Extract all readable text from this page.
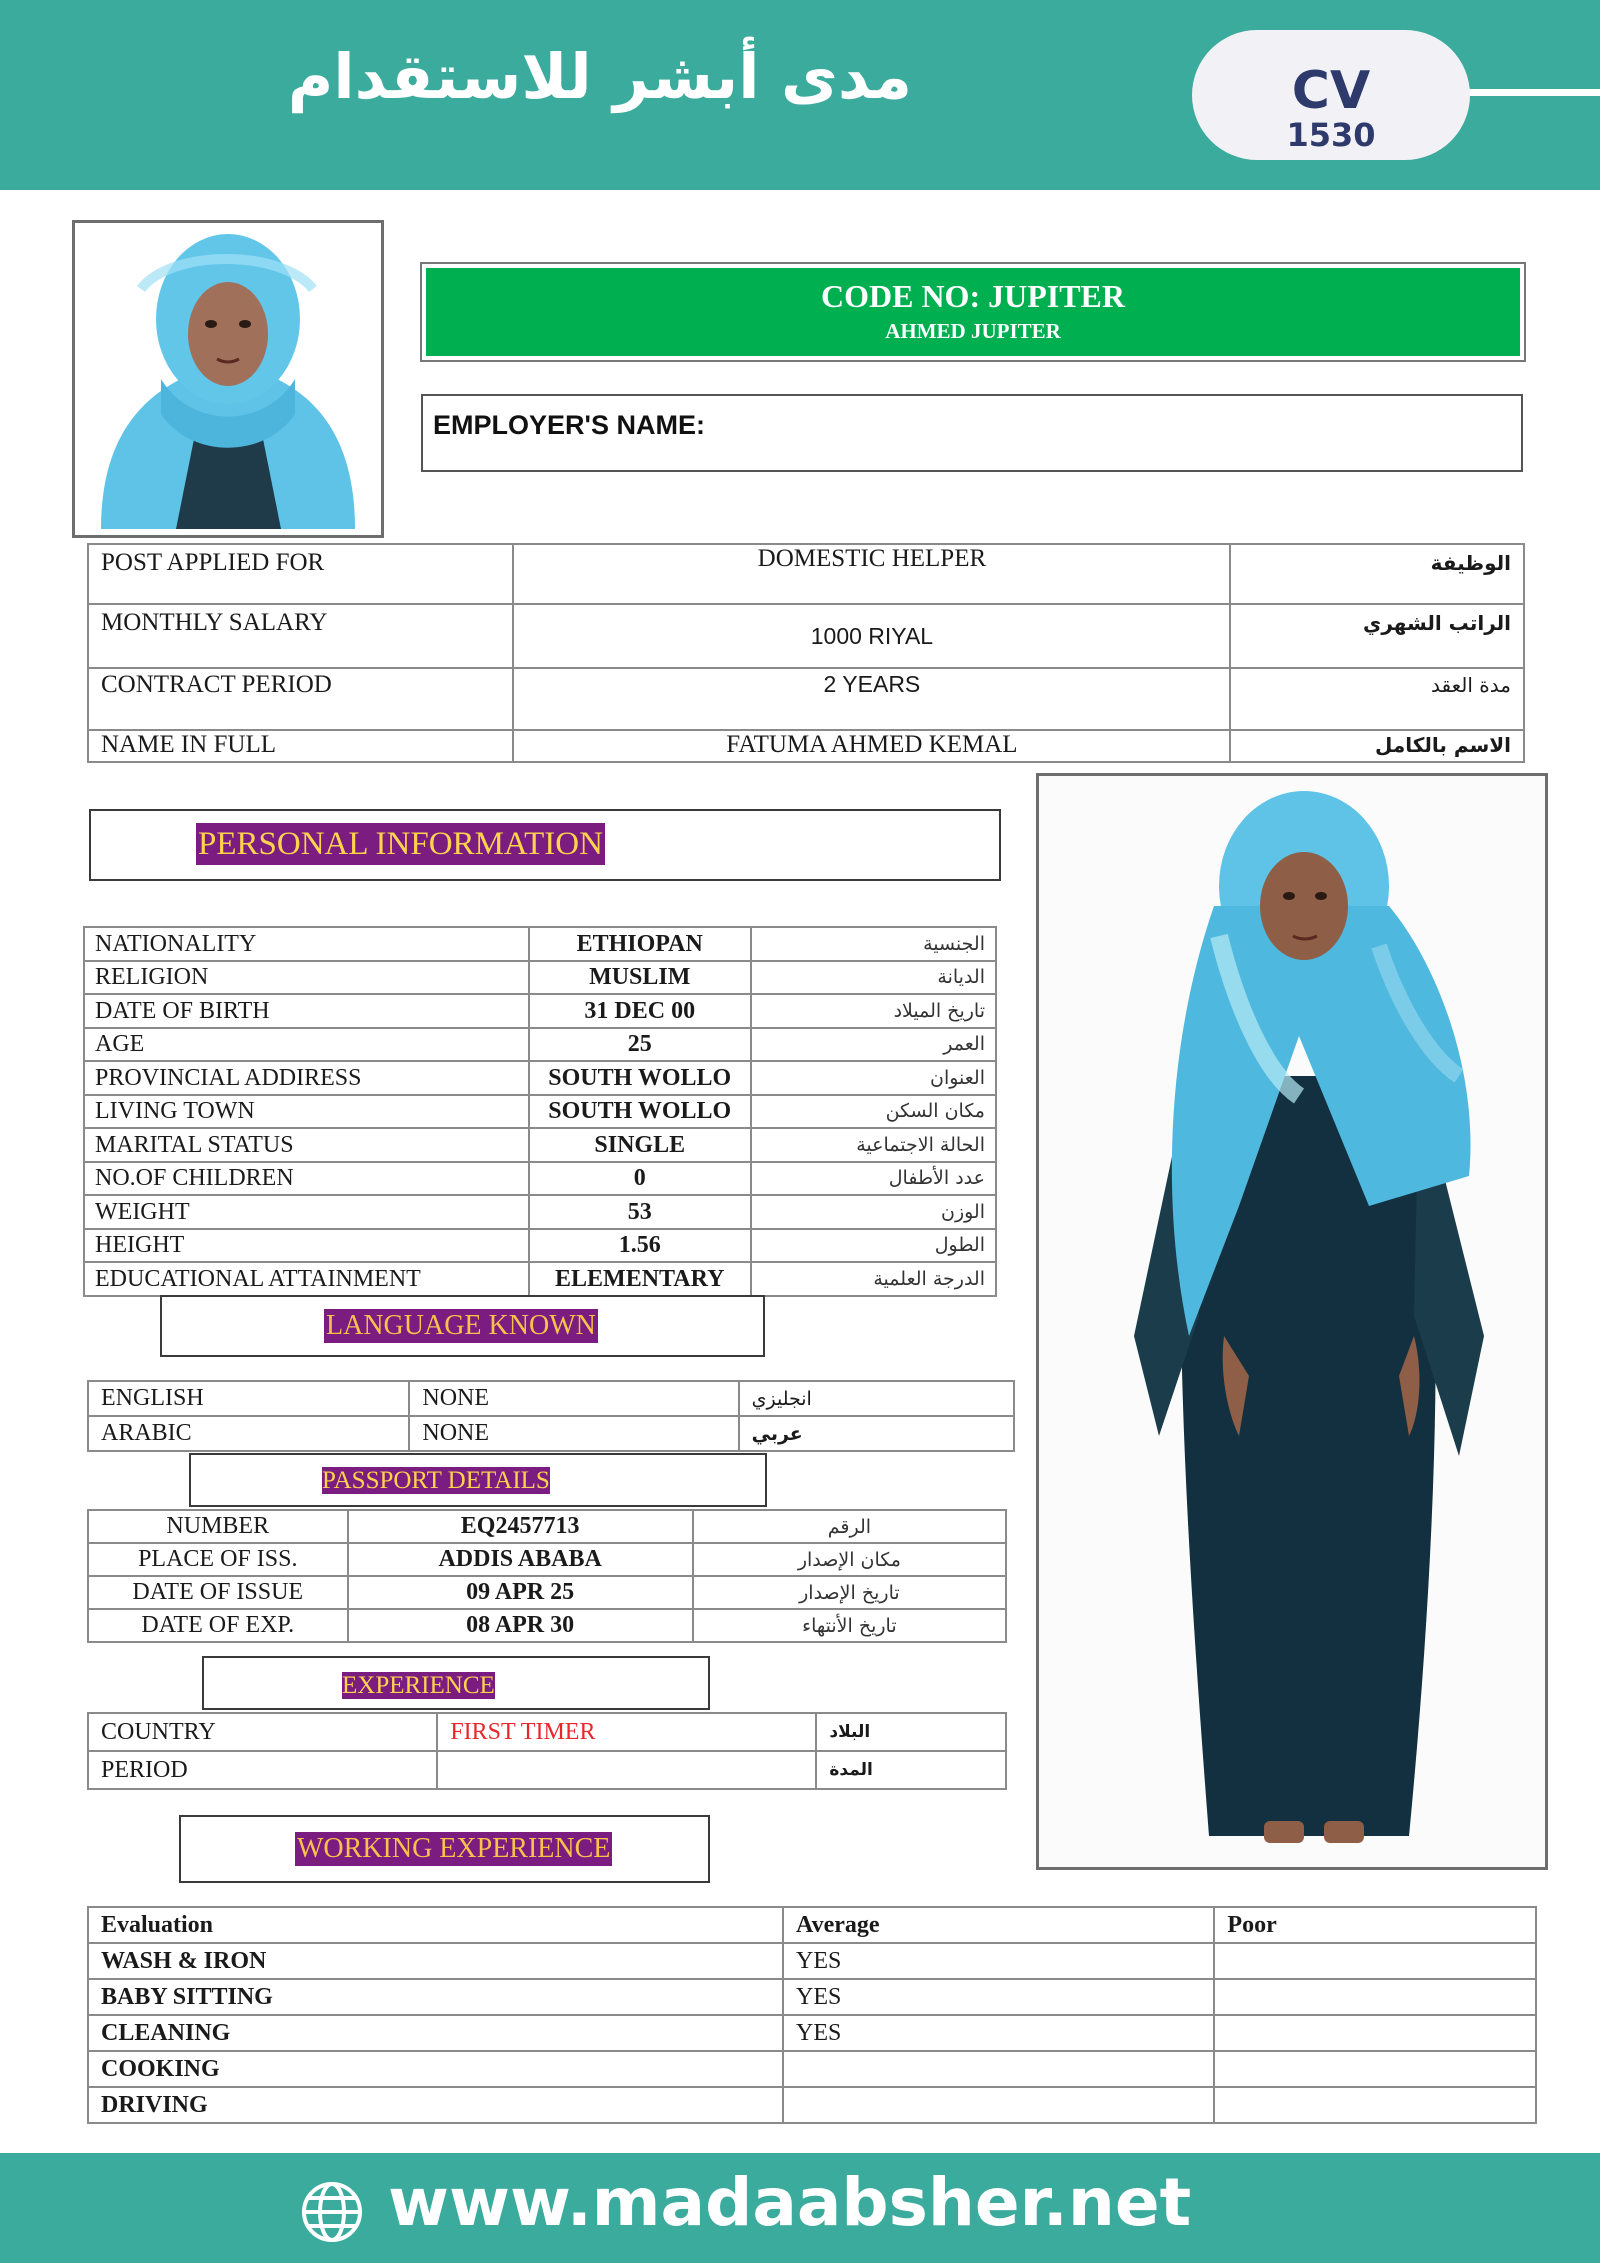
مدى أبشر للاستقدام	CV
1530
CODE NO: JUPITER
AHMED JUPITER
EMPLOYER'S NAME:
POST APPLIED FOR	DOMESTIC HELPER	الوظيفة
MONTHLY SALARY	1000 RIYAL	الراتب الشهري
CONTRACT PERIOD	2 YEARS	مدة العقد
NAME IN FULL	FATUMA AHMED KEMAL	الاسم بالكامل
PERSONAL INFORMATION
NATIONALITY	ETHIOPAN	الجنسية
RELIGION	MUSLIM	الديانة
DATE OF BIRTH	31 DEC 00	تاريخ الميلاد
AGE	25	العمر
PROVINCIAL ADDIRESS	SOUTH WOLLO	العنوان
LIVING TOWN	SOUTH WOLLO	مكان السكن
MARITAL STATUS	SINGLE	الحالة الاجتماعية
NO.OF CHILDREN	0	عدد الأطفال
WEIGHT	53	الوزن
HEIGHT	1.56	الطول
EDUCATIONAL ATTAINMENT	ELEMENTARY	الدرجة العلمية
LANGUAGE KNOWN
ENGLISH	NONE	انجليزي
ARABIC	NONE	عربي
PASSPORT DETAILS
NUMBER	EQ2457713	الرقم
PLACE OF ISS.	ADDIS ABABA	مكان الإصدار
DATE OF ISSUE	09 APR 25	تاريخ الإصدار
DATE OF EXP.	08 APR 30	تاريخ الأنتهاء
EXPERIENCE
COUNTRY	FIRST TIMER	البلاد
PERIOD		المدة
WORKING EXPERIENCE
Evaluation	Average	Poor
WASH & IRON	YES	
BABY SITTING	YES	
CLEANING	YES	
COOKING		
DRIVING		
www.madaabsher.net
